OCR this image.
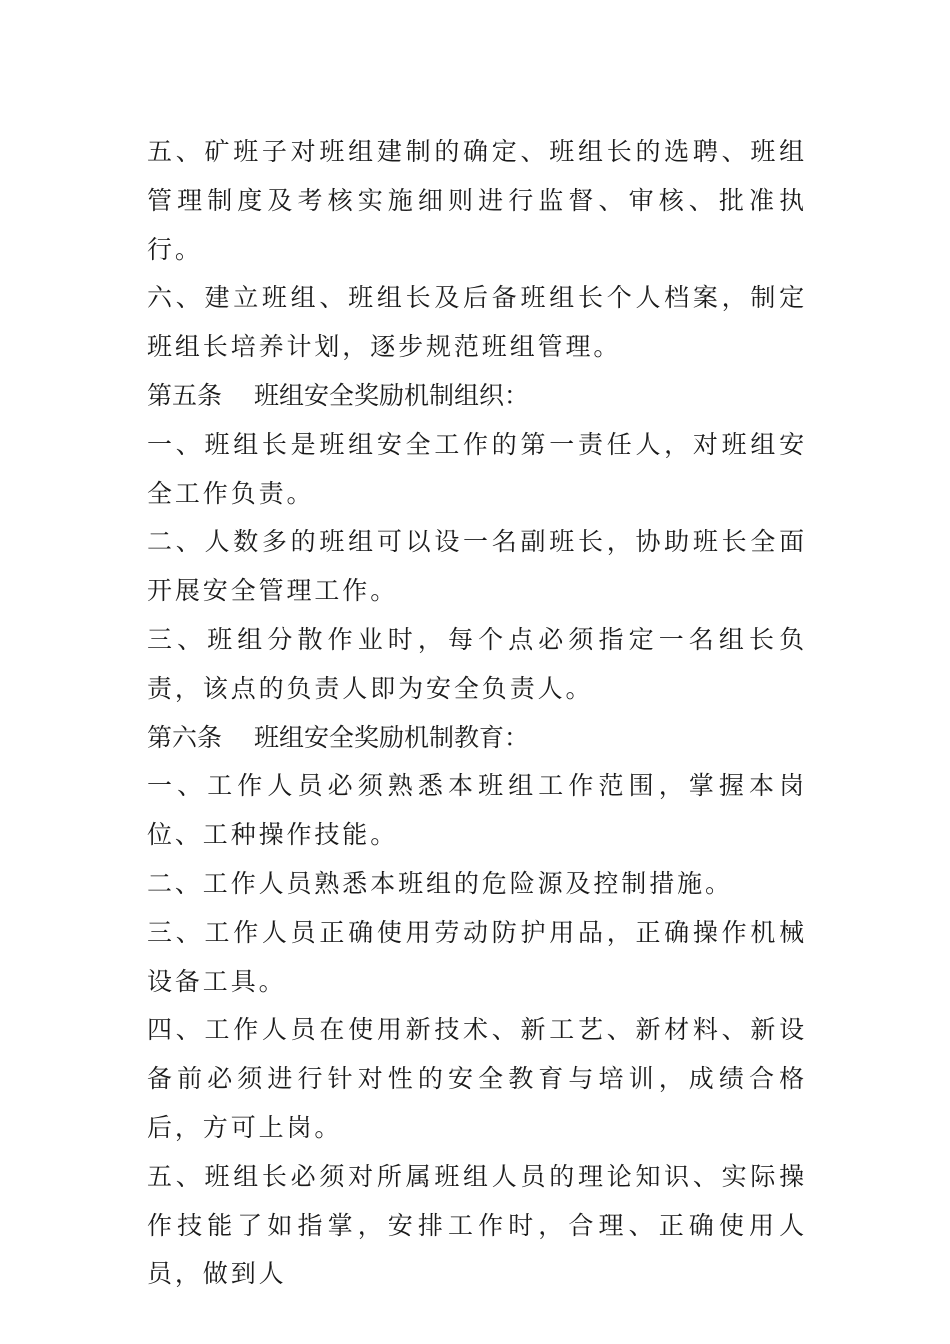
五、矿班子对班组建制的确定、班组长的选聘、班组管理制度及考核实施细则进行监督、审核、批准执行。

六、建立班组、班组长及后备班组长个人档案，制定班组长培养计划，逐步规范班组管理。

第五条 班组安全奖励机制组织：

一、班组长是班组安全工作的第一责任人，对班组安全工作负责。

二、人数多的班组可以设一名副班长，协助班长全面开展安全管理工作。

三、班组分散作业时，每个点必须指定一名组长负责，该点的负责人即为安全负责人。

第六条 班组安全奖励机制教育：

一、工作人员必须熟悉本班组工作范围，掌握本岗位、工种操作技能。

二、工作人员熟悉本班组的危险源及控制措施。

三、工作人员正确使用劳动防护用品，正确操作机械设备工具。

四、工作人员在使用新技术、新工艺、新材料、新设备前必须进行针对性的安全教育与培训，成绩合格后，方可上岗。

五、班组长必须对所属班组人员的理论知识、实际操作技能了如指掌，安排工作时，合理、正确使用人员，做到人
